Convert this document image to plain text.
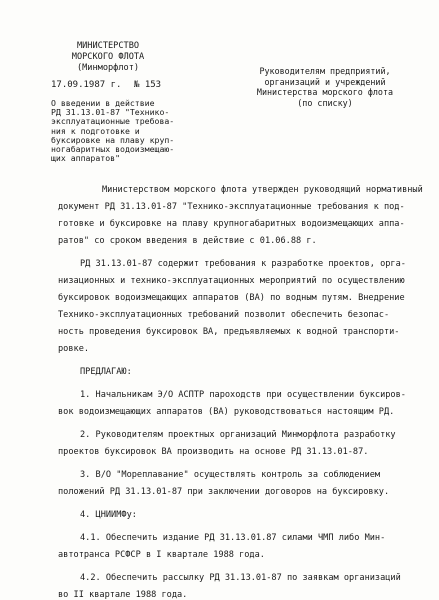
МИНИСТЕРСТВО
МОРСКОГО ФЛОТА
(Минморфлот)
17.09.1987 г. № 153
О введении в действие
РД 31.13.01-87 "Технико-
эксплуатационные требова-
ния к подготовке и
буксировке на плаву круп-
ногабаритных водоизмещаю-
щих аппаратов"
Руководителям предприятий,
организаций и учреждений
Министерства морского флота
(по списку)
Министерством морского флота утвержден руководящий нормативный
документ РД 31.13.01-87 "Технико-эксплуатационные требования к под-
готовке и буксировке на плаву крупногабаритных водоизмещающих аппа-
ратов" со сроком введения в действие с 01.06.88 г.
РД 31.13.01-87 содержит требования к разработке проектов, орга-
низационных и технико-эксплуатационных мероприятий по осуществлению
буксировок водоизмещающих аппаратов (ВА) по водным путям. Внедрение
Технико-эксплуатационных требований позволит обеспечить безопас-
ность проведения буксировок ВА, предъявляемых к водной транспорти-
ровке.
ПРЕДЛАГАЮ:
1. Начальникам Э/О АСПТР пароходств при осуществлении буксиров-
вок водоизмещающих аппаратов (ВА) руководствоваться настоящим РД.
2. Руководителям проектных организаций Минморфлота разработку
проектов буксировок ВА производить на основе РД 31.13.01-87.
3. В/О "Мореплавание" осуществлять контроль за соблюдением
положений РД 31.13.01-87 при заключении договоров на буксировку.
4. ЦНИИМФу:
4.1. Обеспечить издание РД 31.13.01.87 силами ЧМП либо Мин-
автотранса РСФСР в I квартале 1988 года.
4.2. Обеспечить рассылку РД 31.13.01-87 по заявкам организаций
во II квартале 1988 года.
